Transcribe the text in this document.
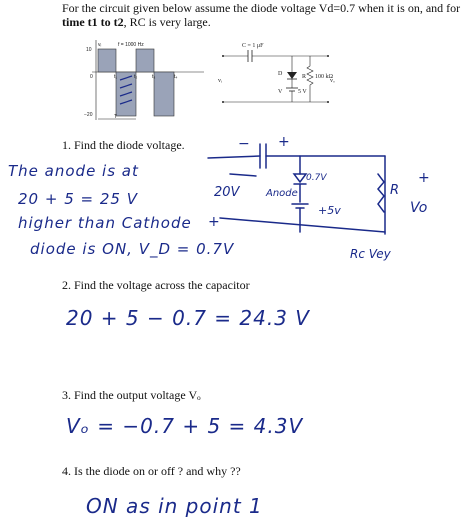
For the circuit given below assume the diode voltage Vd=0.7 when it is on, and for
time t1 to t2, RC is very large.
vᵢ	f = 1000 Hz
10
0
−20
t₁	t₂	t₃	t₄
T
C = 1 μF
D	100 kΩ
R
V	5 V
vᵢ	vₒ
1. Find the diode voltage.
The anode is at
20 + 5 = 25 V
higher than Cathode
diode is ON, V_D = 0.7V
− +
20V
0.7V
Anode
+5v
R
Vo
+
+
Rc Vey
2. Find the voltage across the capacitor
20 + 5 − 0.7 = 24.3 V
3. Find the output voltage Vₒ
Vₒ = −0.7 + 5 = 4.3V
4. Is the diode on or off ? and why ??
ON as in point 1
